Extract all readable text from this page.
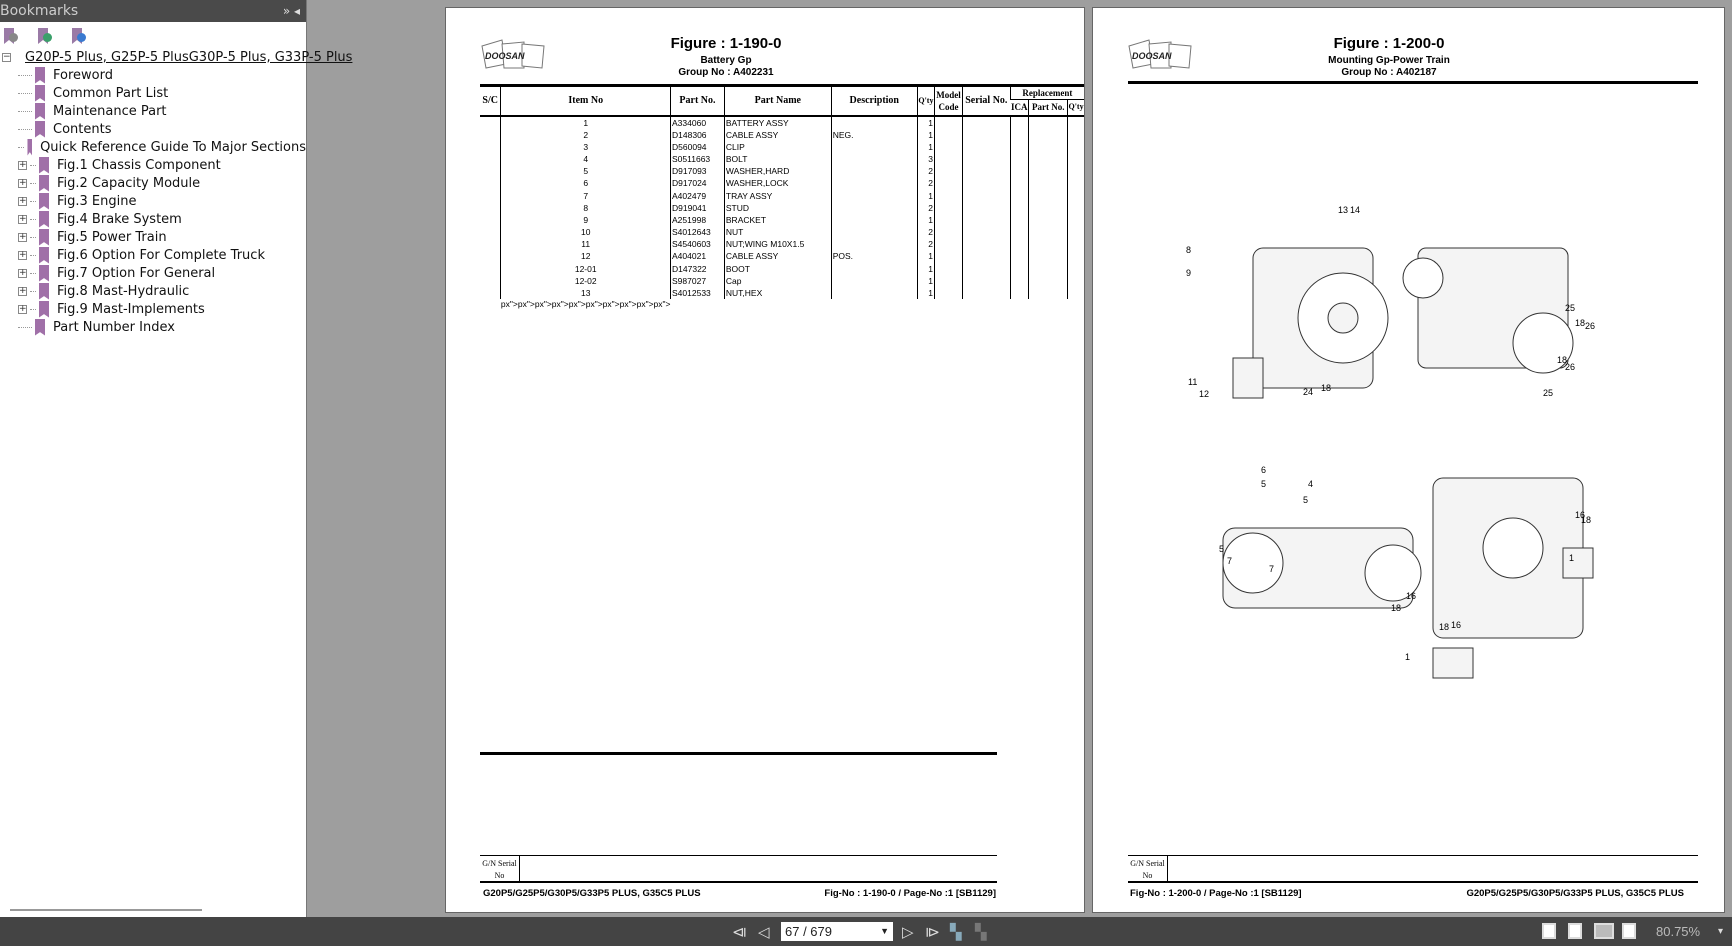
Bookmarks	» ◂
− G20P-5 Plus, G25P-5 PlusG30P-5 Plus, G33P-5 Plus
Foreword
Common Part List
Maintenance Part
Contents
Quick Reference Guide To Major Sections
+ Fig.1 Chassis Component
+ Fig.2 Capacity Module
+ Fig.3 Engine
+ Fig.4 Brake System
+ Fig.5 Power Train
+ Fig.6 Option For Complete Truck
+ Fig.7 Option For General
+ Fig.8 Mast-Hydraulic
+ Fig.9 Mast-Implements
Part Number Index
DOOSAN
Figure : 1-190-0
Battery Gp
Group No : A402231
S/C	Item No	Part No.	Part Name	Description	Q'ty	Model Code	Serial No.	Replacement		
								ICA	Part No.	Q'ty
	1	A334060	BATTERY ASSY		1					
	2	D148306	CABLE ASSY	NEG.	1					
	3	D560094	CLIP		1					
	4	S0511663	BOLT		3					
	5	D917093	WASHER,HARD		2					
	6	D917024	WASHER,LOCK		2					
	7	A402479	TRAY ASSY		1					
	8	D919041	STUD		2					
	9	A251998	BRACKET		1					
	10	S4012643	NUT		2					
	11	S4540603	NUT;WING M10X1.5		2					
	12	A404021	CABLE ASSY	POS.	1					
	12-01	D147322	BOOT		1					
	12-02	S987027	Cap		1					
	13	S4012533	NUT,HEX		1					
	px">px">px">px">px">px">px">px">px">px">
G/N Serial No
G20P5/G25P5/G30P5/G33P5 PLUS, G35C5 PLUS	Fig-No : 1-190-0 / Page-No :1 [SB1129]
DOOSAN
Figure : 1-200-0
Mounting Gp-Power Train
Group No : A402187
13 14
8
9
11
12	24 18
25
18 26
18
26
25
6
5	4
5
5
7
7
16
18
1
16
18
1
18 16
G/N Serial No
Fig-No : 1-200-0 / Page-No :1 [SB1129]	G20P5/G25P5/G30P5/G33P5 PLUS, G35C5 PLUS
⧏ ◁	67 / 679	▼ ▷ ⧐ ▚ ▚	80.75% ▾
